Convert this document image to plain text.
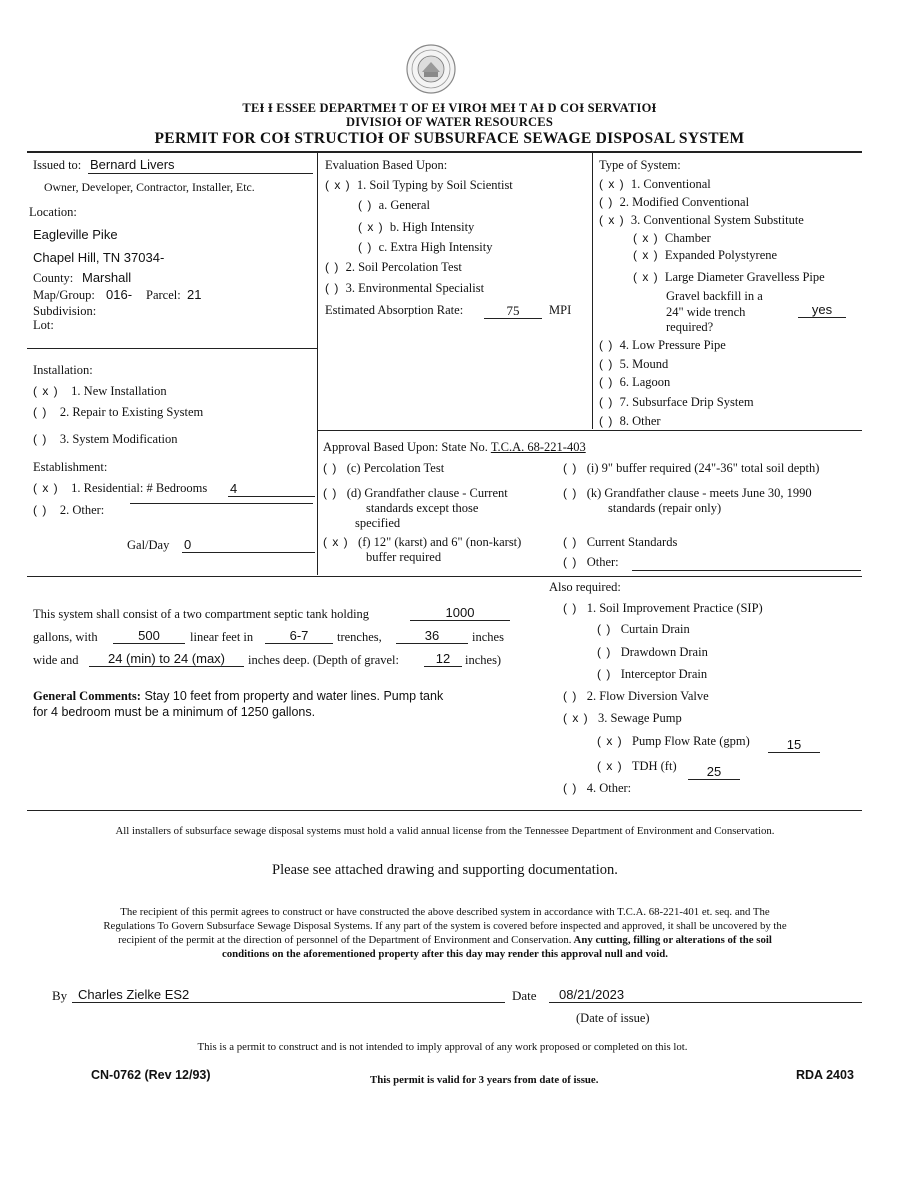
TEƗ Ɨ ESSEE DEPARTMEƗ T OF EƗ VIROƗ MEƗ T AƗ D COƗ SERVATIOƗ
DIVISIOƗ OF WATER RESOURCES
PERMIT FOR COƗ STRUCTIOƗ OF SUBSURFACE SEWAGE DISPOSAL SYSTEM
Issued to: Bernard Livers
Owner, Developer, Contractor, Installer, Etc.
Location:
Eagleville Pike
Chapel Hill, TN 37034-
County: Marshall
Map/Group: 016- Parcel: 21
Subdivision:
Lot:
Evaluation Based Upon:
( x ) 1. Soil Typing by Soil Scientist
( ) a. General
( x ) b. High Intensity
( ) c. Extra High Intensity
( ) 2. Soil Percolation Test
( ) 3. Environmental Specialist
Estimated Absorption Rate:	75	MPI
Type of System:
( x ) 1. Conventional
( ) 2. Modified Conventional
( x ) 3. Conventional System Substitute
( x ) Chamber
( x ) Expanded Polystyrene
( x ) Large Diameter Gravelless Pipe
Gravel backfill in a
24" wide trench
required?
yes
( ) 4. Low Pressure Pipe
( ) 5. Mound
( ) 6. Lagoon
( ) 7. Subsurface Drip System
( ) 8. Other
Installation:
( x ) 1. New Installation
( ) 2. Repair to Existing System
( ) 3. System Modification
Establishment:
( x ) 1. Residential: # Bedrooms 4
( ) 2. Other:
Gal/Day 0
Approval Based Upon: State No. T.C.A. 68-221-403
( ) (c) Percolation Test
( ) (d) Grandfather clause - Current
standards except those
specified
( x ) (f) 12" (karst) and 6" (non-karst)
buffer required
( ) (i) 9" buffer required (24"-36" total soil depth)
( ) (k) Grandfather clause - meets June 30, 1990
standards (repair only)
( ) Current Standards
( ) Other:
This system shall consist of a two compartment septic tank holding	1000
gallons, with	500	linear feet in	6-7	trenches,	36	inches
wide and	24 (min) to 24 (max)	inches deep. (Depth of gravel:	12	inches)
General Comments: Stay 10 feet from property and water lines. Pump tank
for 4 bedroom must be a minimum of 1250 gallons.
Also required:
( ) 1. Soil Improvement Practice (SIP)
( ) Curtain Drain
( ) Drawdown Drain
( ) Interceptor Drain
( ) 2. Flow Diversion Valve
( x ) 3. Sewage Pump
( x ) Pump Flow Rate (gpm)	15
( x ) TDH (ft)	25
( ) 4. Other:
All installers of subsurface sewage disposal systems must hold a valid annual license from the Tennessee Department of Environment and Conservation.
Please see attached drawing and supporting documentation.
The recipient of this permit agrees to construct or have constructed the above described system in accordance with T.C.A. 68-221-401 et. seq. and The
Regulations To Govern Subsurface Sewage Disposal Systems. If any part of the system is covered before inspected and approved, it shall be uncovered by the
recipient of the permit at the direction of personnel of the Department of Environment and Conservation. Any cutting, filling or alterations of the soil
conditions on the aforementioned property after this day may render this approval null and void.
By Charles Zielke ES2	Date	08/21/2023
(Date of issue)
This is a permit to construct and is not intended to imply approval of any work proposed or completed on this lot.
CN-0762 (Rev 12/93)	This permit is valid for 3 years from date of issue.	RDA 2403
